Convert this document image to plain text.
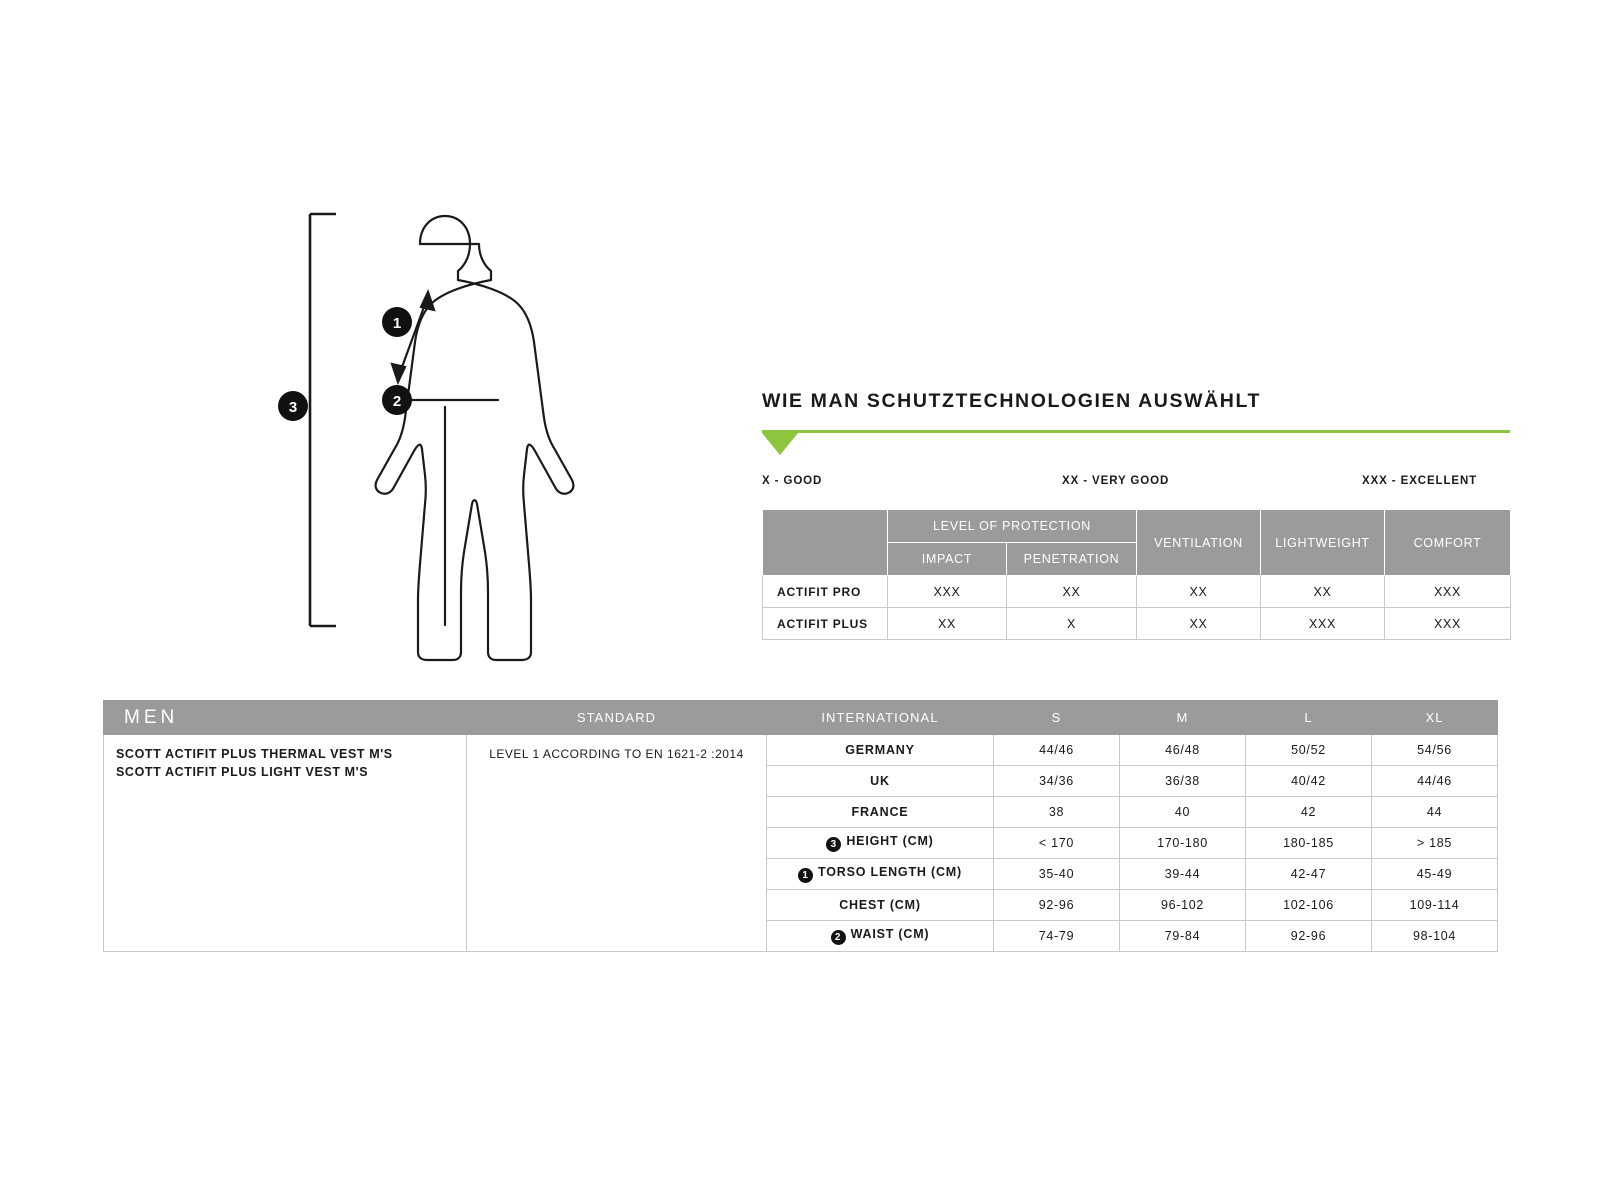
1
2
3	WIE MAN SCHUTZTECHNOLOGIEN AUSWÄHLT
X - GOOD	XX - VERY GOOD	XXX - EXCELLENT
	LEVEL OF PROTECTION		VENTILATION	LIGHTWEIGHT	COMFORT
	IMPACT	PENETRATION			
ACTIFIT PRO	XXX	XX	XX	XX	XXX
ACTIFIT PLUS	XX	X	XX	XXX	XXX
MEN	STANDARD	INTERNATIONAL	S	M	L	XL

SCOTT ACTIFIT PLUS THERMAL VEST M'S
SCOTT ACTIFIT PLUS LIGHT VEST M'S	LEVEL 1 ACCORDING TO EN 1621-2 :2014	GERMANY	44/46	46/48	50/52	54/56
		UK	34/36	36/38	40/42	44/46
		FRANCE	38	40	42	44
		3 HEIGHT (CM)	< 170	170-180	180-185	> 185
		1 TORSO LENGTH (CM)	35-40	39-44	42-47	45-49
		CHEST (CM)	92-96	96-102	102-106	109-114
		2 WAIST (CM)	74-79	79-84	92-96	98-104
